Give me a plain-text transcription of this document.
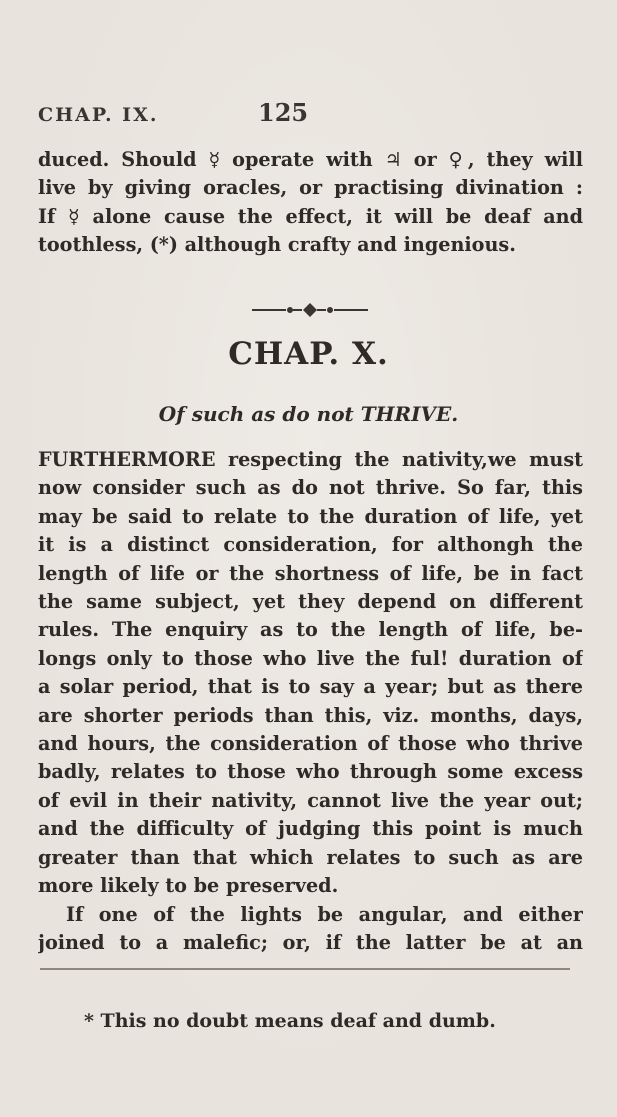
CHAP. IX.	125
duced. Should ☿ operate with ♃ or ♀, they will
live by giving oracles, or practising divination :
If ☿ alone cause the effect, it will be deaf and
toothless, (*) although crafty and ingenious.
CHAP. X.
Of such as do not THRIVE.
FURTHERMORE respecting the nativity,we must
now consider such as do not thrive. So far, this
may be said to relate to the duration of life, yet
it is a distinct consideration, for althongh the
length of life or the shortness of life, be in fact
the same subject, yet they depend on different
rules. The enquiry as to the length of life, be-
longs only to those who live the ful! duration of
a solar period, that is to say a year; but as there
are shorter periods than this, viz. months, days,
and hours, the consideration of those who thrive
badly, relates to those who through some excess
of evil in their nativity, cannot live the year out;
and the difficulty of judging this point is much
greater than that which relates to such as are
more likely to be preserved.
If one of the lights be angular, and either
joined to a malefic; or, if the latter be at an
* This no doubt means deaf and dumb.
